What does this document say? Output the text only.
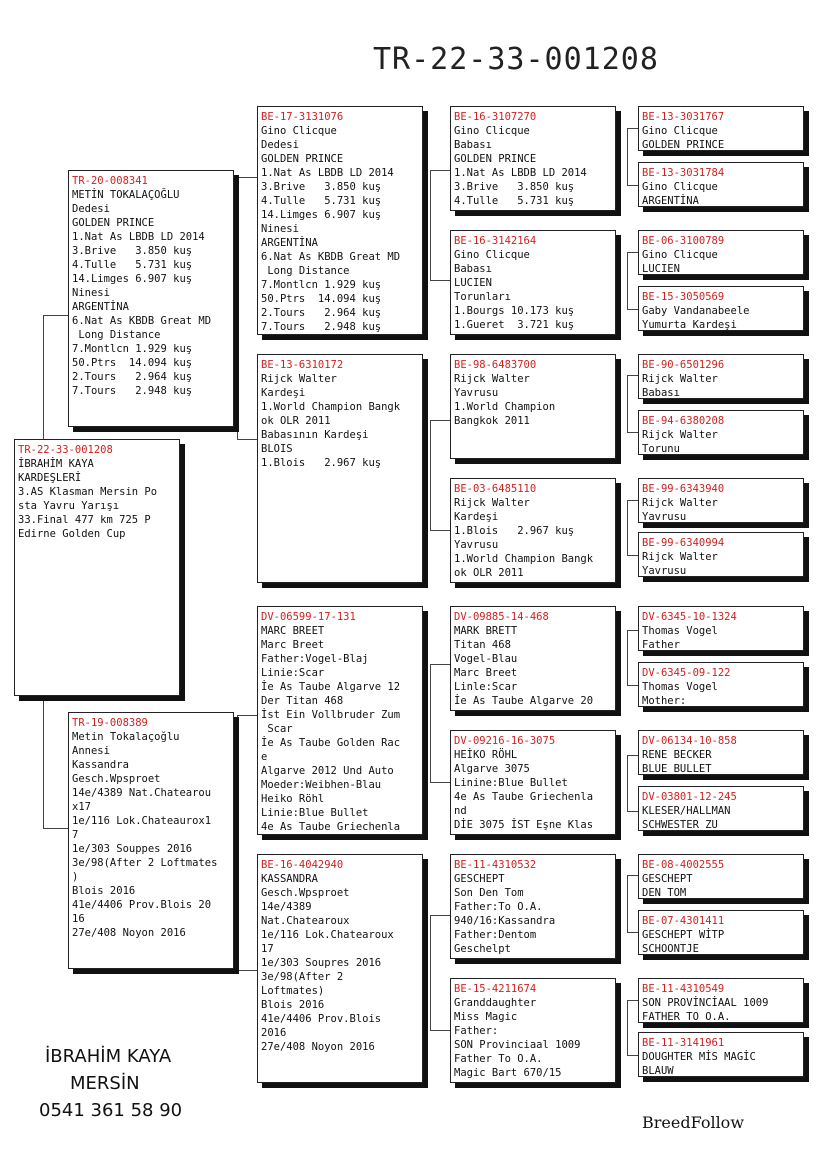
TR-22-33-001208
TR-22-33-001208
İBRAHİM KAYA
KARDEŞLERİ
3.AS Klasman Mersin Po
sta Yavru Yarışı
33.Final 477 km 725 P
Edirne Golden Cup
TR-20-008341
METİN TOKALAÇOĞLU
Dedesi
GOLDEN PRINCE
1.Nat As LBDB LD 2014
3.Brive   3.850 kuş
4.Tulle   5.731 kuş
14.Limges 6.907 kuş
Ninesi
ARGENTİNA
6.Nat As KBDB Great MD
Long Distance
7.Montlcn 1.929 kuş
50.Ptrs  14.094 kuş
2.Tours   2.964 kuş
7.Tours   2.948 kuş
TR-19-008389
Metin Tokalaçoğlu
Annesi
Kassandra
Gesch.Wpsproet
14e/4389 Nat.Chatearou
x17
1e/116 Lok.Chateaurox1
7
1e/303 Souppes 2016
3e/98(After 2 Loftmates
)
Blois 2016
41e/4406 Prov.Blois 20
16
27e/408 Noyon 2016
BE-17-3131076
Gino Clicque
Dedesi
GOLDEN PRINCE
1.Nat As LBDB LD 2014
3.Brive   3.850 kuş
4.Tulle   5.731 kuş
14.Limges 6.907 kuş
Ninesi
ARGENTİNA
6.Nat As KBDB Great MD
Long Distance
7.Montlcn 1.929 kuş
50.Ptrs  14.094 kuş
2.Tours   2.964 kuş
7.Tours   2.948 kuş
BE-13-6310172
Rijck Walter
Kardeşi
1.World Champion Bangk
ok OLR 2011
Babasının Kardeşi
BLOIS
1.Blois   2.967 kuş
DV-06599-17-131
MARC BREET
Marc Breet
Father:Vogel-Blaj
Linie:Scar
İe As Taube Algarve 12
Der Titan 468
İst Ein Vollbruder Zum
Scar
İe As Taube Golden Rac
e
Algarve 2012 Und Auto
Moeder:Weibhen-Blau
Heiko Röhl
Linie:Blue Bullet
4e As Taube Griechenla
BE-16-4042940
KASSANDRA
Gesch.Wpsproet
14e/4389
Nat.Chatearoux
1e/116 Lok.Chatearoux
17
1e/303 Soupres 2016
3e/98(After 2
Loftmates)
Blois 2016
41e/4406 Prov.Blois
2016
27e/408 Noyon 2016
BE-16-3107270
Gino Clicque
Babası
GOLDEN PRINCE
1.Nat As LBDB LD 2014
3.Brive   3.850 kuş
4.Tulle   5.731 kuş
BE-16-3142164
Gino Clicque
Babası
LUCIEN
Torunları
1.Bourgs 10.173 kuş
1.Gueret  3.721 kuş
BE-98-6483700
Rijck Walter
Yavrusu
1.World Champion
Bangkok 2011
BE-03-6485110
Rijck Walter
Kardeşi
1.Blois   2.967 kuş
Yavrusu
1.World Champion Bangk
ok OLR 2011
DV-09885-14-468
MARK BRETT
Titan 468
Vogel-Blau
Marc Breet
Linle:Scar
İe As Taube Algarve 20
DV-09216-16-3075
HEİKO RÖHL
Algarve 3075
Linine:Blue Bullet
4e As Taube Griechenla
nd
DİE 3075 İST Eşne Klas
BE-11-4310532
GESCHEPT
Son Den Tom
Father:To O.A.
940/16:Kassandra
Father:Dentom
Geschelpt
BE-15-4211674
Granddaughter
Miss Magic
Father:
SON Provinciaal 1009
Father To O.A.
Magic Bart 670/15
BE-13-3031767
Gino Clicque
GOLDEN PRINCE
BE-13-3031784
Gino Clicque
ARGENTİNA
BE-06-3100789
Gino Clicque
LUCIEN
BE-15-3050569
Gaby Vandanabeele
Yumurta Kardeşi
BE-90-6501296
Rijck Walter
Babası
BE-94-6380208
Rijck Walter
Torunu
BE-99-6343940
Rijck Walter
Yavrusu
BE-99-6340994
Rijck Walter
Yavrusu
DV-6345-10-1324
Thomas Vogel
Father
DV-6345-09-122
Thomas Vogel
Mother:
DV-06134-10-858
RENE BECKER
BLUE BULLET
DV-03801-12-245
KLESER/HALLMAN
SCHWESTER ZU
BE-08-4002555
GESCHEPT
DEN TOM
BE-07-4301411
GESCHEPT WİTP
SCHOONTJE
BE-11-4310549
SON PROVİNCİAAL 1009
FATHER TO O.A.
BE-11-3141961
DOUGHTER MİS MAGİC
BLAUW
İBRAHİM KAYA
MERSİN
0541 361 58 90
BreedFollow
